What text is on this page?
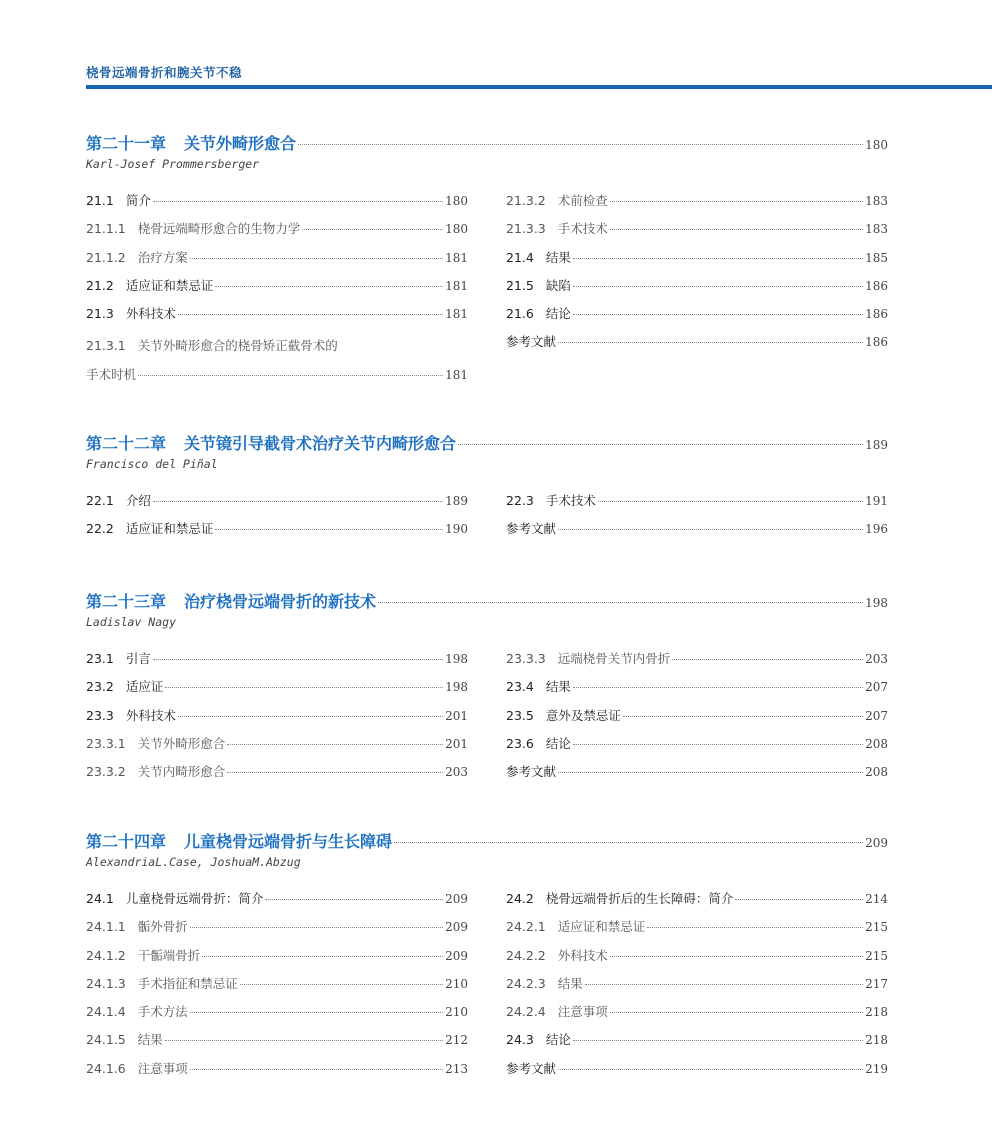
桡骨远端骨折和腕关节不稳
第二十一章 关节外畸形愈合	180
Karl-Josef Prommersberger
21.1 简介	180
21.1.1 桡骨远端畸形愈合的生物力学	180
21.1.2 治疗方案	181
21.2 适应证和禁忌证	181
21.3 外科技术	181
21.3.1 关节外畸形愈合的桡骨矫正截骨术的
手术时机	181
21.3.2 术前检查	183
21.3.3 手术技术	183
21.4 结果	185
21.5 缺陷	186
21.6 结论	186
参考文献	186
第二十二章 关节镜引导截骨术治疗关节内畸形愈合	189
Francisco del Piñal
22.1 介绍	189
22.2 适应证和禁忌证	190
22.3 手术技术	191
参考文献	196
第二十三章 治疗桡骨远端骨折的新技术	198
Ladislav Nagy
23.1 引言	198
23.2 适应证	198
23.3 外科技术	201
23.3.1 关节外畸形愈合	201
23.3.2 关节内畸形愈合	203
23.3.3 远端桡骨关节内骨折	203
23.4 结果	207
23.5 意外及禁忌证	207
23.6 结论	208
参考文献	208
第二十四章 儿童桡骨远端骨折与生长障碍	209
AlexandriaL.Case, JoshuaM.Abzug
24.1 儿童桡骨远端骨折：简介	209
24.1.1 骺外骨折	209
24.1.2 干骺端骨折	209
24.1.3 手术指征和禁忌证	210
24.1.4 手术方法	210
24.1.5 结果	212
24.1.6 注意事项	213
24.2 桡骨远端骨折后的生长障碍：简介	214
24.2.1 适应证和禁忌证	215
24.2.2 外科技术	215
24.2.3 结果	217
24.2.4 注意事项	218
24.3 结论	218
参考文献	219
